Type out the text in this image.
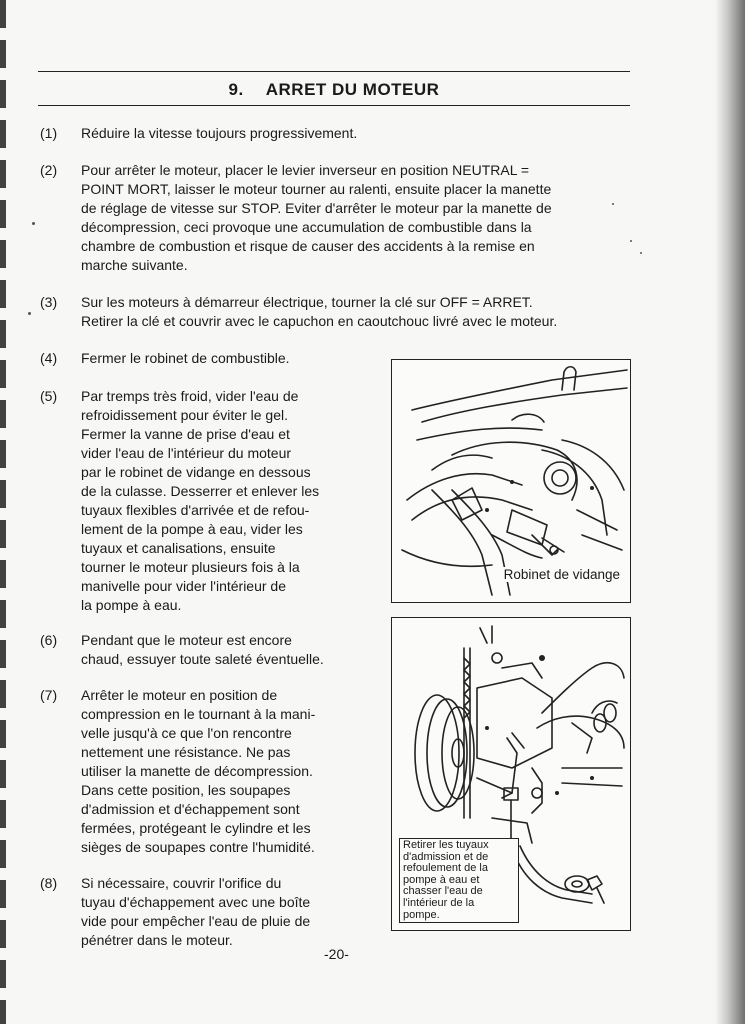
9. ARRET DU MOTEUR
(1)	Réduire la vitesse toujours progressivement.
(2)	Pour arrêter le moteur, placer le levier inverseur en position NEUTRAL =
POINT MORT, laisser le moteur tourner au ralenti, ensuite placer la manette
de réglage de vitesse sur STOP. Eviter d'arrêter le moteur par la manette de
décompression, ceci provoque une accumulation de combustible dans la
chambre de combustion et risque de causer des accidents à la remise en
marche suivante.
(3)	Sur les moteurs à démarreur électrique, tourner la clé sur OFF = ARRET.
Retirer la clé et couvrir avec le capuchon en caoutchouc livré avec le moteur.
(4)	Fermer le robinet de combustible.
(5)	Par tremps très froid, vider l'eau de
refroidissement pour éviter le gel.
Fermer la vanne de prise d'eau et
vider l'eau de l'intérieur du moteur
par le robinet de vidange en dessous
de la culasse. Desserrer et enlever les
tuyaux flexibles d'arrivée et de refou-
lement de la pompe à eau, vider les
tuyaux et canalisations, ensuite
tourner le moteur plusieurs fois à la
manivelle pour vider l'intérieur de
la pompe à eau.
(6)	Pendant que le moteur est encore
chaud, essuyer toute saleté éventuelle.
(7)	Arrêter le moteur en position de
compression en le tournant à la mani-
velle jusqu'à ce que l'on rencontre
nettement une résistance. Ne pas
utiliser la manette de décompression.
Dans cette position, les soupapes
d'admission et d'échappement sont
fermées, protégeant le cylindre et les
sièges de soupapes contre l'humidité.
(8)	Si nécessaire, couvrir l'orifice du
tuyau d'échappement avec une boîte
vide pour empêcher l'eau de pluie de
pénétrer dans le moteur.
Robinet de vidange
Retirer les tuyaux
d'admission et de
refoulement de la
pompe à eau et
chasser l'eau de
l'intérieur de la
pompe.
-20-
